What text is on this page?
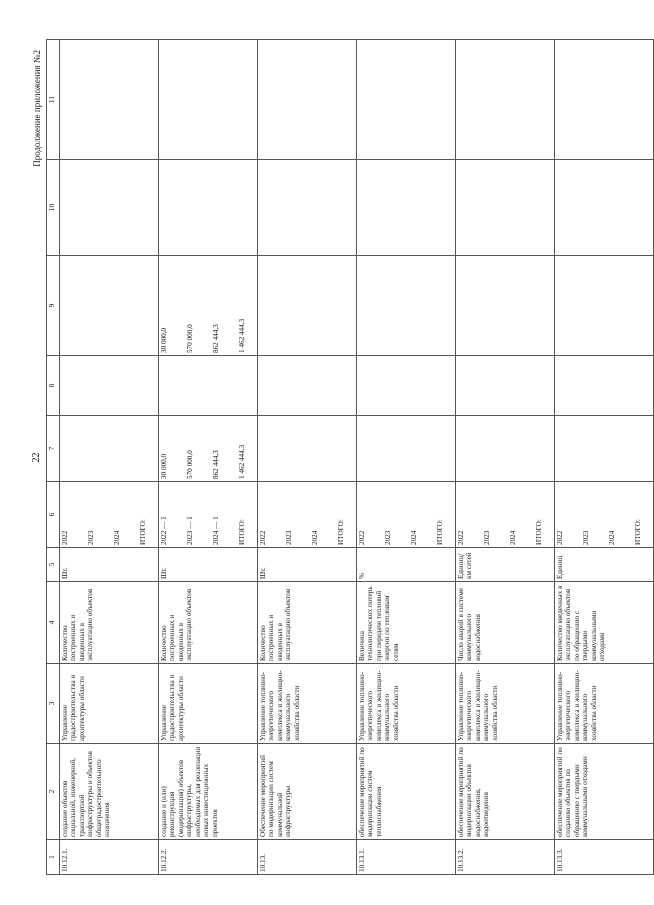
22
Продолжение приложения №2
1	2	3	4	5	6	7	8	9	10	11
10.12.1.	создание объектов социальной, инженерной, транспортной инфраструктуры и объектов общеградостроительного назначения	Управление градостроительства и архитектуры области	Количество построенных и введенных в эксплуатацию объектов	Шт.	2022 2023 2024 ИТОГО:					

10.12.2.	создание и (или) реконструкция (модернизация) объектов инфраструктуры, необходимых для реализации новых инвестиционных проектов	Управление градостроительства и архитектуры области	Количество построенных и введенных в эксплуатацию объектов	Шт.	2022 — 1 2023 — 1 2024 — 1 ИТОГО:	30 000,0 570 000,0 862 444,3 1 462 444,3		30 000,0 570 000,0 862 444,3 1 462 444,3		

10.13.	Обеспечение мероприятий по модернизации систем коммунальной инфраструктуры	Управление топливно-энергетического комплекса и жилищно-коммунального хозяйства области	Количество построенных и введенных в эксплуатацию объектов	Шт.	2022 2023 2024 ИТОГО:					

10.13.1.	обеспечение мероприятий по модернизации систем теплоснабжения	Управление топливно-энергетического комплекса и жилищно-коммунального хозяйства области	Величина технологических потерь при передаче тепловой энергии по тепловым сетям	%	2022 2023 2024 ИТОГО:					

10.13.2.	обеспечение мероприятий по модернизации объектов водоснабжения, водоотведения	Управление топливно-энергетического комплекса и жилищно-коммунального хозяйства области	Число аварий в системе коммунального водоснабжения	Единиц/ км сетей	2022 2023 2024 ИТОГО:					

10.13.3.	обеспечение мероприятий по созданию объектов по обращению с твердыми коммунальными отходами	Управление топливно-энергетического комплекса и жилищно-коммунального хозяйства области	Количество введенных в эксплуатацию объектов по обращению с твердыми коммунальными отходами	Единиц	2022 2023 2024 ИТОГО:					
